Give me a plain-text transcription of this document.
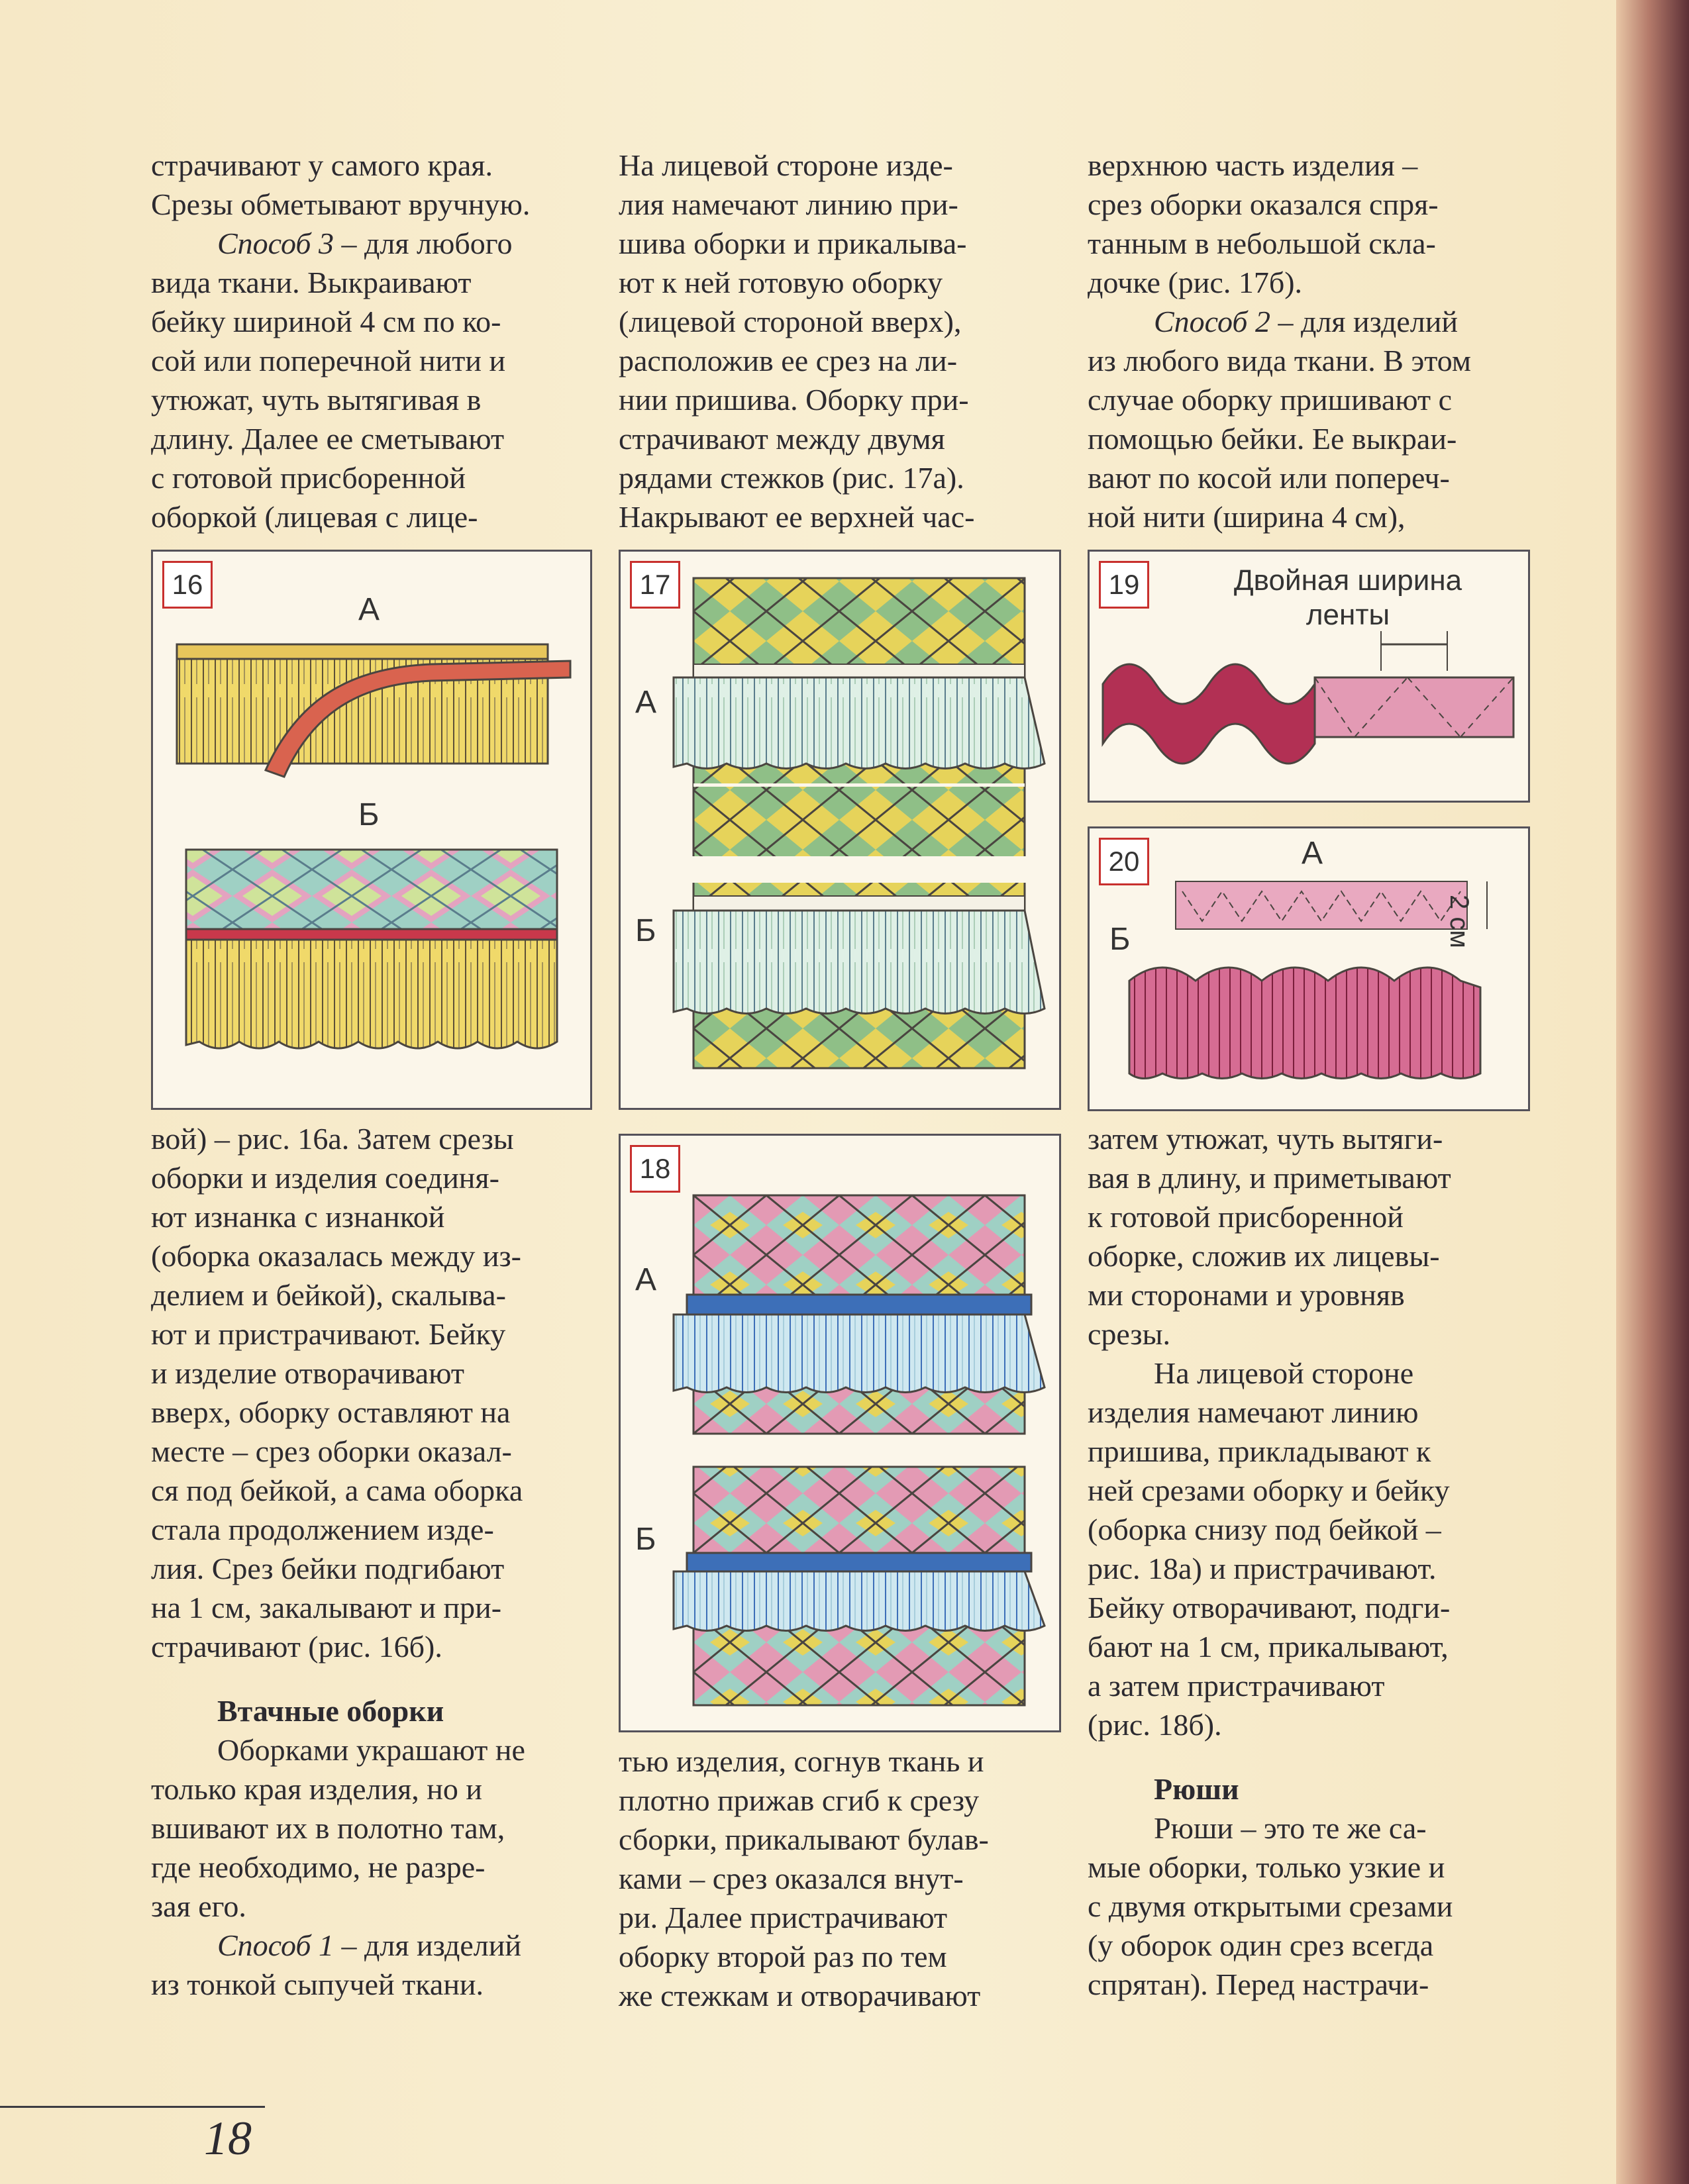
страчивают у самого края.

Срезы обметывают вручную.

Способ 3 – для любого

вида ткани. Выкраивают

бейку шириной 4 см по ко-

сой или поперечной нити и

утюжат, чуть вытягивая в

длину. Далее ее сметывают

с готовой присборенной

оборкой (лицевая с лице-

вой) – рис. 16а. Затем срезы

оборки и изделия соединя-

ют изнанка с изнанкой

(оборка оказалась между из-

делием и бейкой), скалыва-

ют и пристрачивают. Бейку

и изделие отворачивают

вверх, оборку оставляют на

месте – срез оборки оказал-

ся под бейкой, а сама оборка

стала продолжением изде-

лия. Срез бейки подгибают

на 1 см, закалывают и при-

страчивают (рис. 16б).

Втачные оборки

Оборками украшают не

только края изделия, но и

вшивают их в полотно там,

где необходимо, не разре-

зая его.

Способ 1 – для изделий

из тонкой сыпучей ткани.

На лицевой стороне изде-

лия намечают линию при-

шива оборки и прикалыва-

ют к ней готовую оборку

(лицевой стороной вверх),

расположив ее срез на ли-

нии пришива. Оборку при-

страчивают между двумя

рядами стежков (рис. 17а).

Накрывают ее верхней час-

тью изделия, согнув ткань и

плотно прижав сгиб к срезу

сборки, прикалывают булав-

ками – срез оказался внут-

ри. Далее пристрачивают

оборку второй раз по тем

же стежкам и отворачивают

верхнюю часть изделия –

срез оборки оказался спря-

танным в небольшой скла-

дочке (рис. 17б).

Способ 2 – для изделий

из любого вида ткани. В этом

случае оборку пришивают с

помощью бейки. Ее выкраи-

вают по косой или попереч-

ной нити (ширина 4 см),

затем утюжат, чуть вытяги-

вая в длину, и приметывают

к готовой присборенной

оборке, сложив их лицевы-

ми сторонами и уровняв

срезы.

На лицевой стороне

изделия намечают линию

пришива, прикладывают к

ней срезами оборку и бейку

(оборка снизу под бейкой –

рис. 18а) и пристрачивают.

Бейку отворачивают, подги-

бают на 1 см, прикалывают,

а затем пристрачивают

(рис. 18б).

Рюши

Рюши – это те же са-

мые оборки, только узкие и

с двумя открытыми срезами

(у оборок один срез всегда

спрятан). Перед настрачи-

16
А
Б
17
А
Б
18
А
Б
19	Двойная ширина
ленты
20	А
Б	2 см
18
